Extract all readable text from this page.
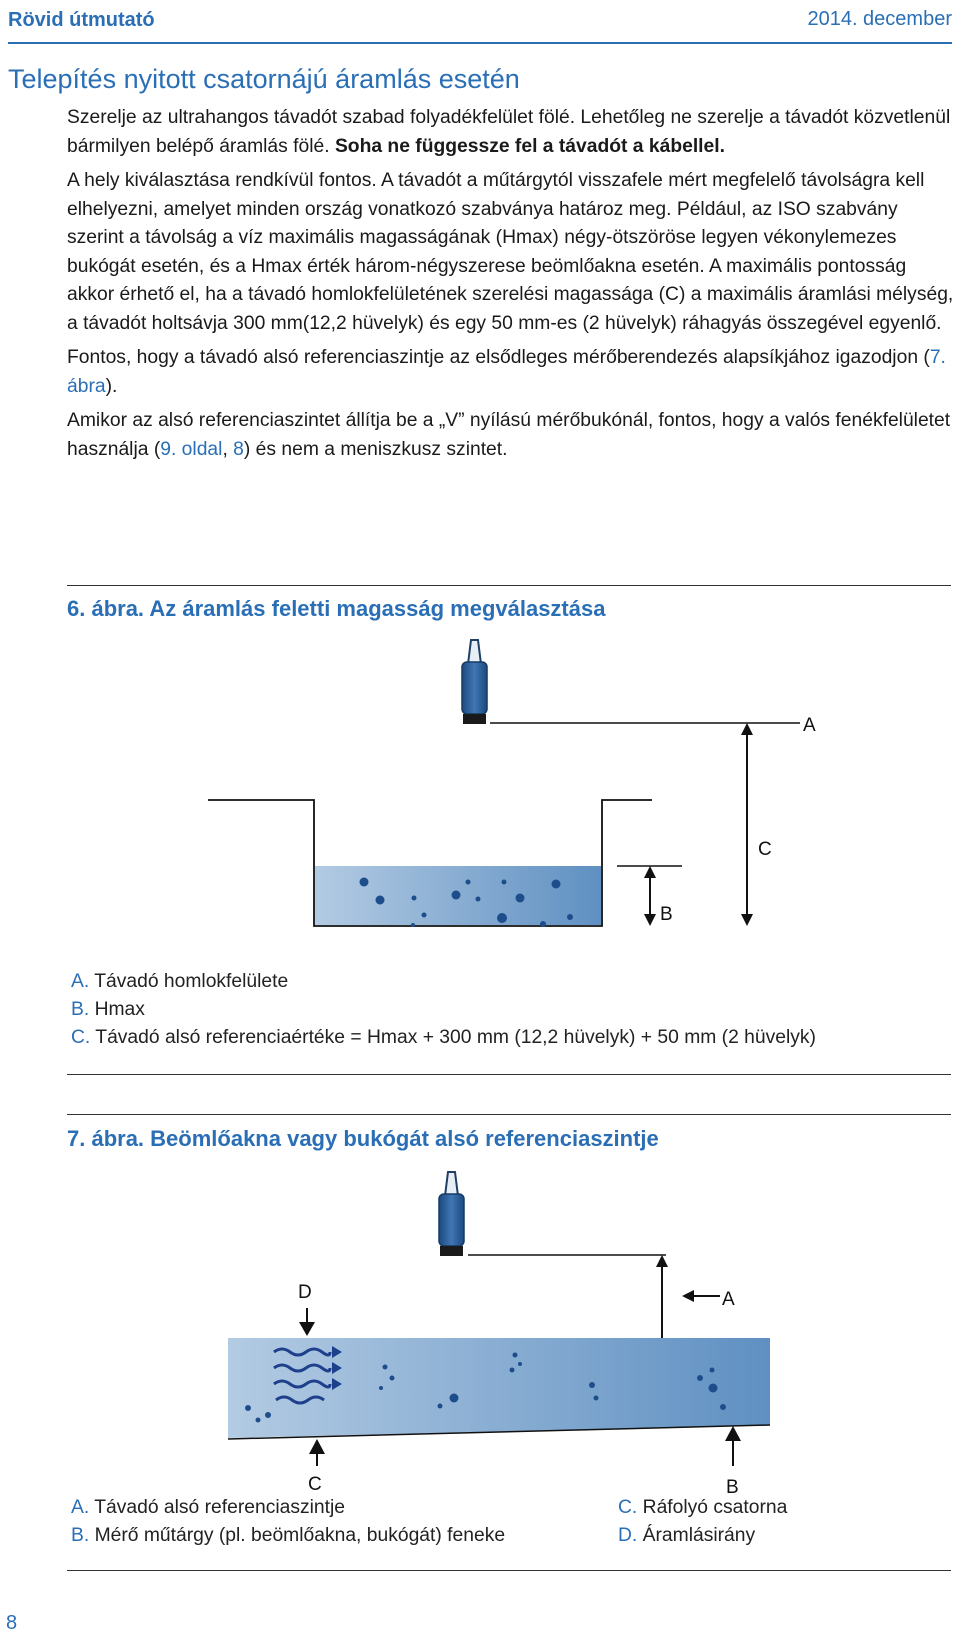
Rövid útmutató	2014. december
Telepítés nyitott csatornájú áramlás esetén

Szerelje az ultrahangos távadót szabad folyadékfelület fölé. Lehetőleg ne szerelje a távadót közvetlenül bármilyen belépő áramlás fölé. Soha ne függessze fel a távadót a kábellel.

A hely kiválasztása rendkívül fontos. A távadót a műtárgytól visszafele mért megfelelő távolságra kell elhelyezni, amelyet minden ország vonatkozó szabványa határoz meg. Például, az ISO szabvány szerint a távolság a víz maximális magasságának (Hmax) négy-ötszöröse legyen vékonylemezes bukógát esetén, és a Hmax érték három-négyszerese beömlőakna esetén. A maximális pontosság akkor érhető el, ha a távadó homlokfelületének szerelési magassága (C) a maximális áramlási mélység, a távadót holtsávja 300 mm(12,2 hüvelyk) és egy 50 mm-es (2 hüvelyk) ráhagyás összegével egyenlő.

Fontos, hogy a távadó alsó referenciaszintje az elsődleges mérőberendezés alapsíkjához igazodjon (7. ábra).

Amikor az alsó referenciaszintet állítja be a „V” nyílású mérőbukónál, fontos, hogy a valós fenékfelületet használja (9. oldal, 8) és nem a meniszkusz szintet.

6. ábra. Az áramlás feletti magasság megválasztása
A
B
C
A. Távadó homlokfelülete
B. Hmax
C. Távadó alsó referenciaértéke = Hmax + 300 mm (12,2 hüvelyk) + 50 mm (2 hüvelyk)
7. ábra. Beömlőakna vagy bukógát alsó referenciaszintje
A
D
C	B
A. Távadó alsó referenciaszintje
B. Mérő műtárgy (pl. beömlőakna, bukógát) feneke
C. Ráfolyó csatorna
D. Áramlásirány
8
